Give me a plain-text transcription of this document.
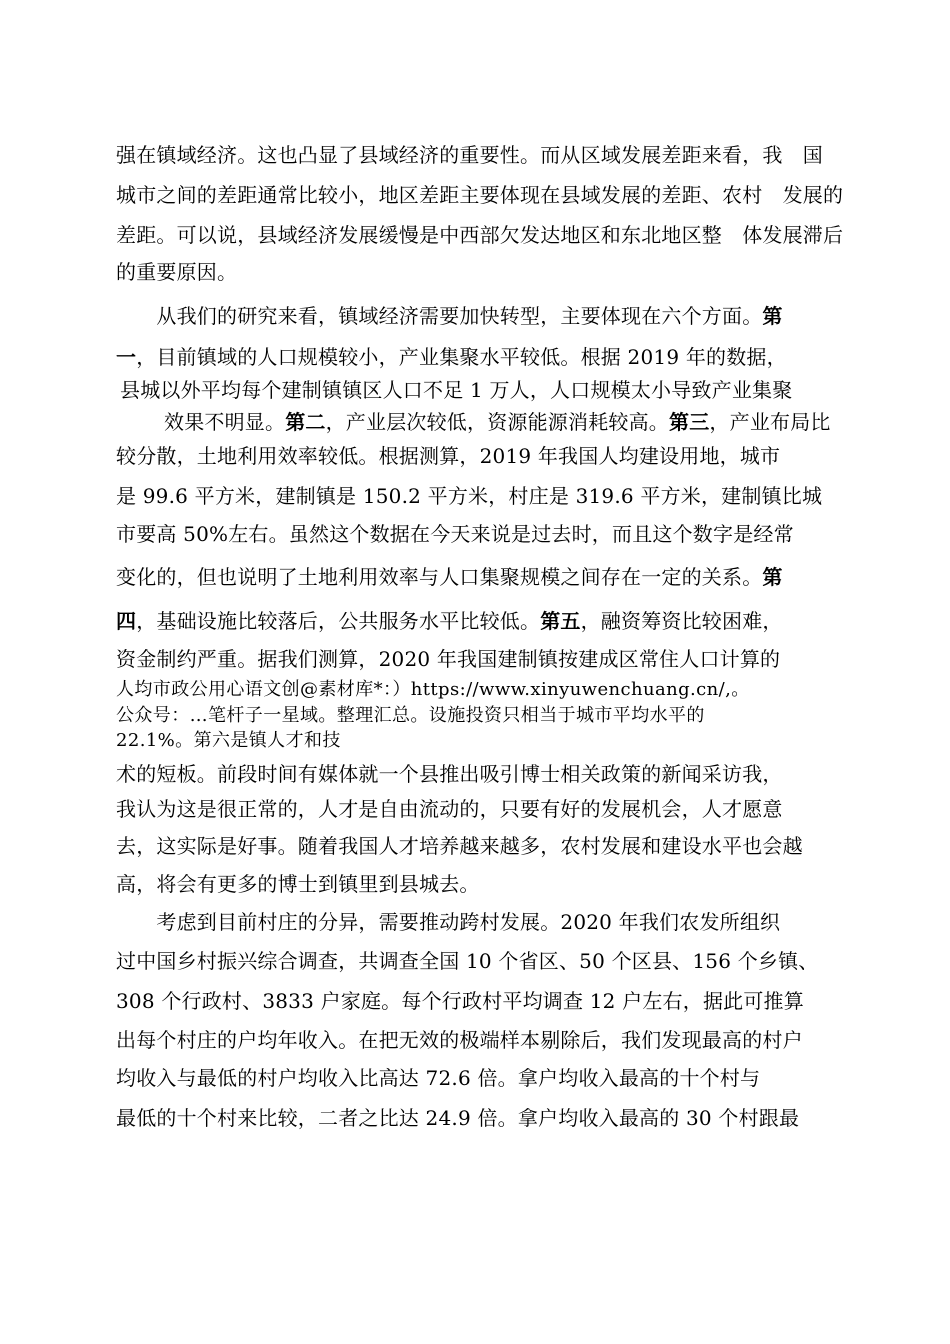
强在镇域经济。这也凸显了县域经济的重要性。而从区域发展差距来看，我　国
城市之间的差距通常比较小，地区差距主要体现在县域发展的差距、农村　发展的
差距。可以说，县域经济发展缓慢是中西部欠发达地区和东北地区整　体发展滞后
的重要原因。
　　从我们的研究来看，镇域经济需要加快转型，主要体现在六个方面。第
一，目前镇域的人口规模较小，产业集聚水平较低。根据 2019 年的数据，
县城以外平均每个建制镇镇区人口不足 1 万人，人口规模太小导致产业集聚
效果不明显。第二，产业层次较低，资源能源消耗较高。第三，产业布局比
较分散，土地利用效率较低。根据测算，2019 年我国人均建设用地，城市
是 99.6 平方米，建制镇是 150.2 平方米，村庄是 319.6 平方米，建制镇比城
市要高 50%左右。虽然这个数据在今天来说是过去时，而且这个数字是经常
变化的，但也说明了土地利用效率与人口集聚规模之间存在一定的关系。第
四，基础设施比较落后，公共服务水平比较低。第五，融资筹资比较困难，
资金制约严重。据我们测算，2020 年我国建制镇按建成区常住人口计算的
人均市政公用心语文创@素材库*：）https://www.xinyuwenchuang.cn/,。
公众号：…笔杆子一星域。整理汇总。设施投资只相当于城市平均水平的
22.1%。第六是镇人才和技
术的短板。前段时间有媒体就一个县推出吸引博士相关政策的新闻采访我，
我认为这是很正常的，人才是自由流动的，只要有好的发展机会，人才愿意
去，这实际是好事。随着我国人才培养越来越多，农村发展和建设水平也会越
高，将会有更多的博士到镇里到县城去。
　　考虑到目前村庄的分异，需要推动跨村发展。2020 年我们农发所组织
过中国乡村振兴综合调查，共调查全国 10 个省区、50 个区县、156 个乡镇、
308 个行政村、3833 户家庭。每个行政村平均调查 12 户左右，据此可推算
出每个村庄的户均年收入。在把无效的极端样本剔除后，我们发现最高的村户
均收入与最低的村户均收入比高达 72.6 倍。拿户均收入最高的十个村与
最低的十个村来比较，二者之比达 24.9 倍。拿户均收入最高的 30 个村跟最
